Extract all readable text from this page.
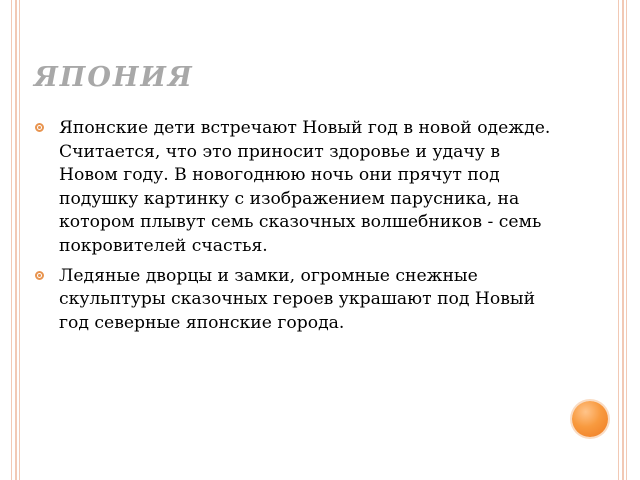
ЯПОНИЯ

Японские дети встречают Новый год в новой одежде. Считается, что это приносит здоровье и удачу в Новом году. В новогоднюю ночь они прячут под подушку картинку с изображением парусника, на котором плывут семь сказочных волшебников - семь покровителей счастья.

Ледяные дворцы и замки, огромные снежные скульптуры сказочных героев украшают под Новый год северные японские города.
